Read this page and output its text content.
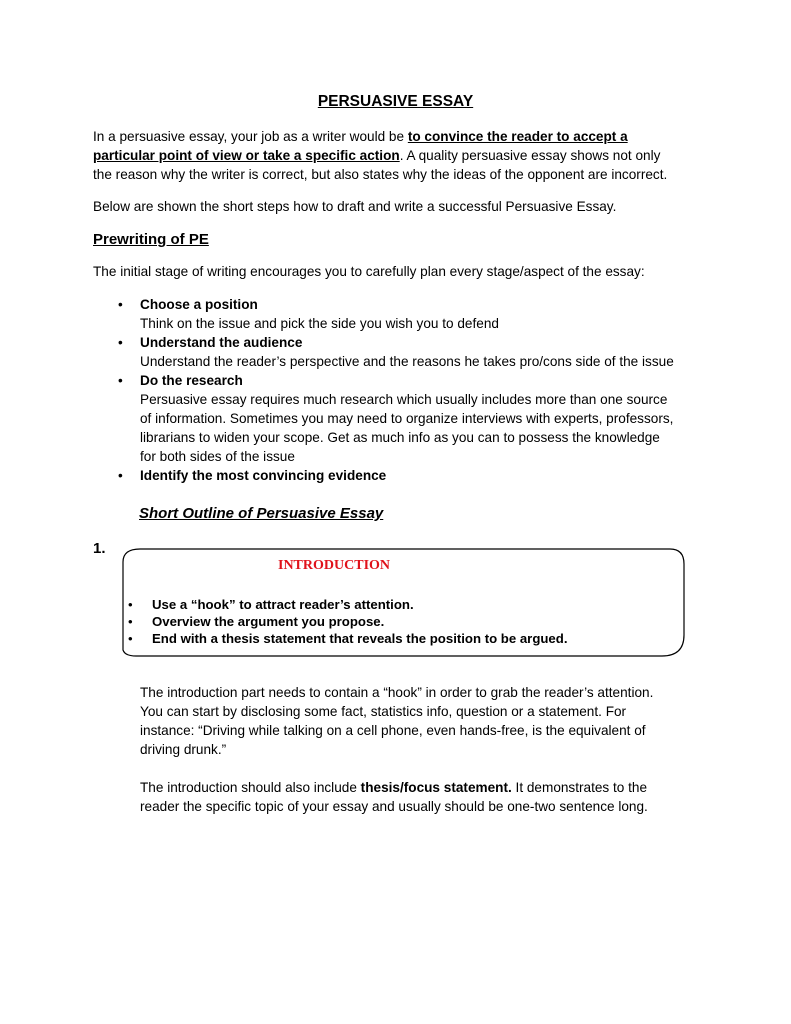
PERSUASIVE ESSAY
In a persuasive essay, your job as a writer would be to convince the reader to accept a
particular point of view or take a specific action. A quality persuasive essay shows not only
the reason why the writer is correct, but also states why the ideas of the opponent are incorrect.
Below are shown the short steps how to draft and write a successful Persuasive Essay.
Prewriting of PE
The initial stage of writing encourages you to carefully plan every stage/aspect of the essay:
• Choose a position
Think on the issue and pick the side you wish you to defend
• Understand the audience
Understand the reader’s perspective and the reasons he takes pro/cons side of the issue
• Do the research
Persuasive essay requires much research which usually includes more than one source
of information. Sometimes you may need to organize interviews with experts, professors,
librarians to widen your scope. Get as much info as you can to possess the knowledge
for both sides of the issue
• Identify the most convincing evidence
Short Outline of Persuasive Essay
1.
INTRODUCTION
• Use a “hook” to attract reader’s attention.
• Overview the argument you propose.
• End with a thesis statement that reveals the position to be argued.
The introduction part needs to contain a “hook” in order to grab the reader’s attention.
You can start by disclosing some fact, statistics info, question or a statement. For
instance: “Driving while talking on a cell phone, even hands-free, is the equivalent of
driving drunk.”
The introduction should also include thesis/focus statement. It demonstrates to the
reader the specific topic of your essay and usually should be one-two sentence long.
